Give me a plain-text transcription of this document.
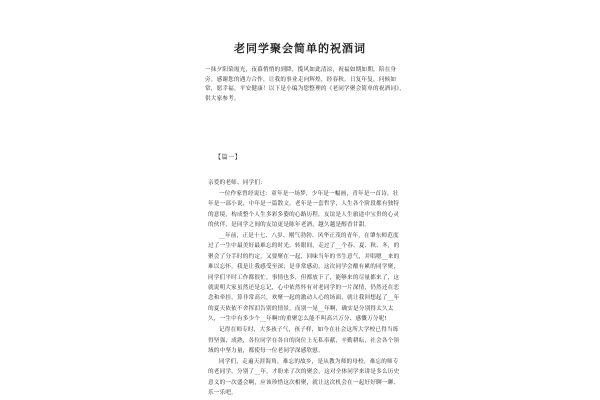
老同学聚会简单的祝酒词

一抹夕阳染霞光，夜幕悄悄的到降，揽风如此清凉，祝福如期如期，陪在身旁。感谢您的遇力合作，让我的事业走向辉煌，经春秋。日复年复，问候如常，愿幸福，平安健康！以下是小编为您整理的《老同学聚会简单的祝酒词》，供大家参考。

【篇一】

亲爱的老师、同学们：

一位作家曾经说过：童年是一场梦，少年是一幅画，青年是一首诗，壮年是一部小说，中年是一篇散文，老年是一套哲学，人生各个阶段都有独特的意境，构成整个人生多彩多姿的心路历程。友谊是人生旅途中宝贵的心灵的伙伴，是同学之间的友谊更是陈年老酒，越久越是醇香甘甜。

__年前，正是十七、八岁、刚气勃勃、风华正茂的青年，在肇东师范度过了一生中最美好最难忘的时光。转眼间，走过了__个春、夏、秋、冬，的聚会了分手时的约定，又要聚在一起，回味当年的书生意气，并唱嗯__来的难以忘怀，我是让我感受至深；是非常感动，这次同学会酿有累的同学聚，同学们平时工作都很忙，事情也多，但都放下了，能够来的尽量都来了，这就说明大家虽然还是忘记，心中依然怀有对老同学的一片深情，仍然还在恋念和牵挂，算非常高兴，欢聚一起的激动人心的场面，就让我回想起了__年的夏天依依不舍挥泪告别的情景，而别一晃__年啊，确实是分别得太久太久，一生中有多少个__年啊!的重聚怎么能不叫高兴万分、感慨万分呢!

记得在师专时，大多孩子气，孩子样，如今在社会这所大学校已得当练得坚强、成熟，各位同学在各自的岗位上无私奉献，辛勤耕耘，社会各个领域的中坚力量，都使每一位老同学深感欣慰。

同学们，走遍天涯海角，难忘的故乡，是从教为师的母校，难忘的师专的老同学，分别了__年，才盼来了次的聚会，这对全体同学来讲是多么历史意义的一次盛会啊，应该珍惜这次相聚，就让这次机会在一起好好聊一聊、乐一乐吧。
